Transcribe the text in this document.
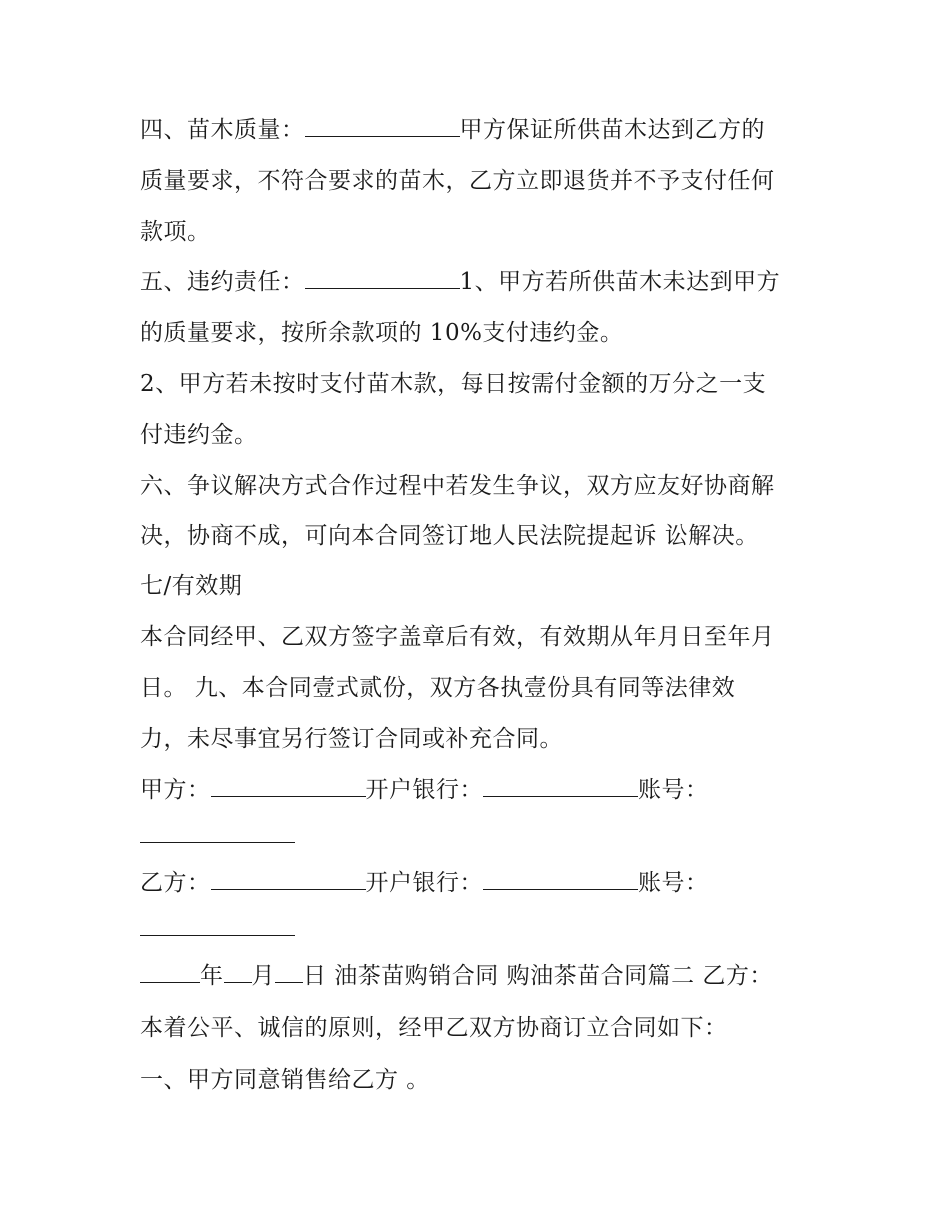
四、苗木质量：	甲方保证所供苗木达到乙方的
质量要求，不符合要求的苗木，乙方立即退货并不予支付任何
款项。
五、违约责任：	1、甲方若所供苗木未达到甲方
的质量要求，按所余款项的 10%支付违约金。
2、甲方若未按时支付苗木款，每日按需付金额的万分之一支
付违约金。
六、争议解决方式合作过程中若发生争议，双方应友好协商解
决，协商不成，可向本合同签订地人民法院提起诉 讼解决。
七/有效期
本合同经甲、乙双方签字盖章后有效，有效期从年月日至年月
日。 九、本合同壹式贰份，双方各执壹份具有同等法律效
力，未尽事宜另行签订合同或补充合同。
甲方：	开户银行：	账号：
乙方：	开户银行：	账号：
年 月 日 油茶苗购销合同 购油茶苗合同篇二 乙方：
本着公平、诚信的原则，经甲乙双方协商订立合同如下：
一、甲方同意销售给乙方 。
